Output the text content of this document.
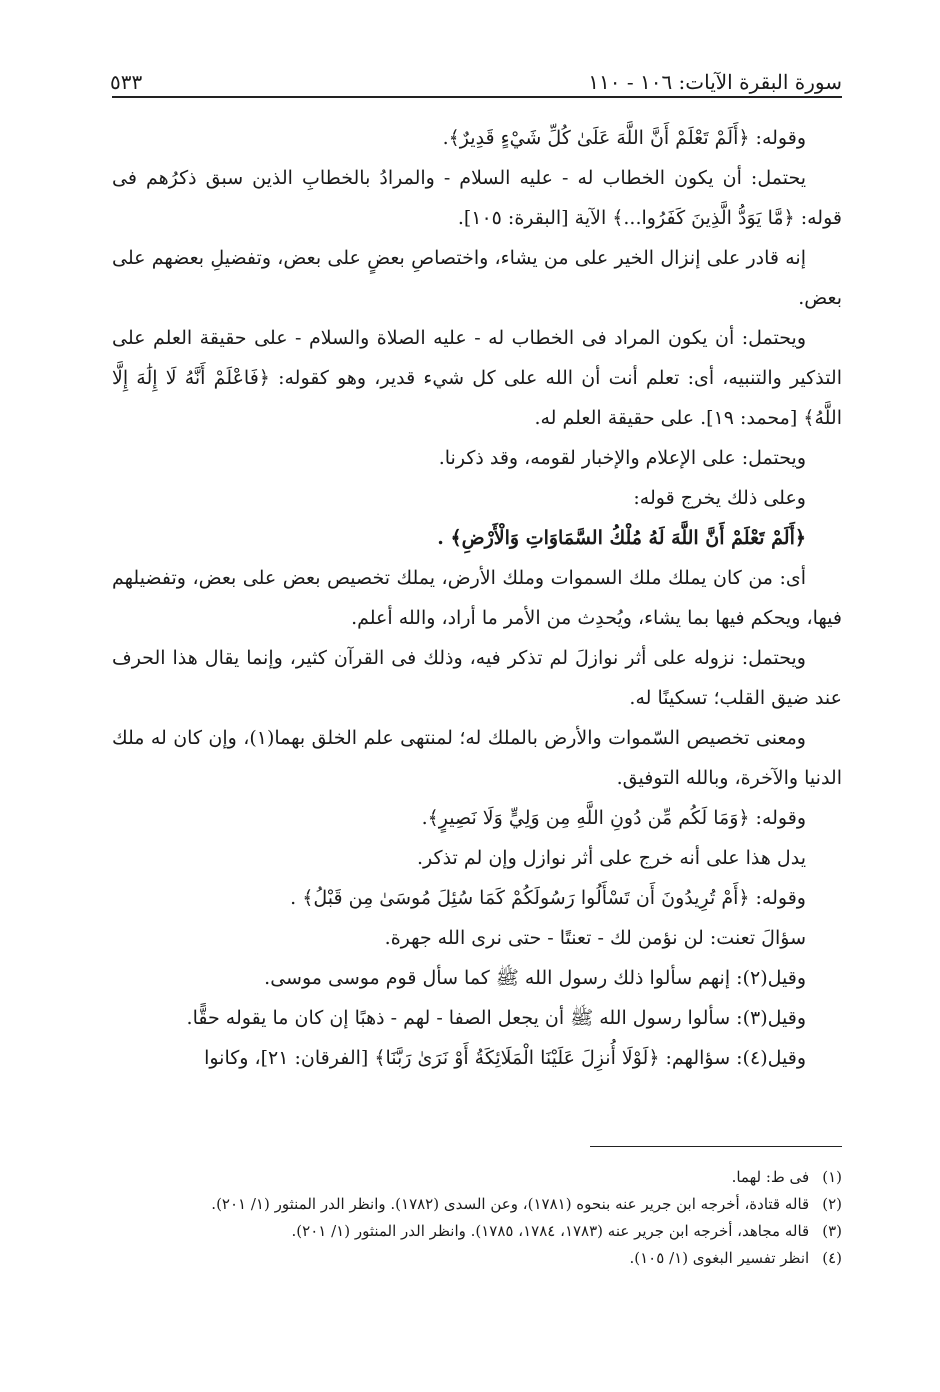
سورة البقرة الآيات: ١٠٦ - ١١٠
٥٣٣

وقوله: ﴿أَلَمْ تَعْلَمْ أَنَّ اللَّهَ عَلَىٰ كُلِّ شَيْءٍ قَدِيرٌ﴾.

يحتمل: أن يكون الخطاب له - عليه السلام - والمرادُ بالخطابِ الذين سبق ذكرُهم فى قوله: ﴿مَّا يَوَدُّ الَّذِينَ كَفَرُوا...﴾ الآية [البقرة: ١٠٥].

إنه قادر على إنزال الخير على من يشاء، واختصاصِ بعضٍ على بعض، وتفضيلِ بعضهم على بعض.

ويحتمل: أن يكون المراد فى الخطاب له - عليه الصلاة والسلام - على حقيقة العلم على التذكير والتنبيه، أى: تعلم أنت أن الله على كل شيء قدير، وهو كقوله: ﴿فَاعْلَمْ أَنَّهُ لَا إِلَٰهَ إِلَّا اللَّهُ﴾ [محمد: ١٩]. على حقيقة العلم له.

ويحتمل: على الإعلام والإخبار لقومه، وقد ذكرنا.

وعلى ذلك يخرج قوله:

﴿أَلَمْ تَعْلَمْ أَنَّ اللَّهَ لَهُ مُلْكُ السَّمَاوَاتِ وَالْأَرْضِ﴾ .

أى: من كان يملك ملك السموات وملك الأرض، يملك تخصيص بعض على بعض، وتفضيلهم فيها، ويحكم فيها بما يشاء، ويُحدِث من الأمر ما أراد، والله أعلم.

ويحتمل: نزوله على أثر نوازلَ لم تذكر فيه، وذلك فى القرآن كثير، وإنما يقال هذا الحرف عند ضيق القلب؛ تسكينًا له.

ومعنى تخصيص السّموات والأرض بالملك له؛ لمنتهى علم الخلق بهما(١)، وإن كان له ملك الدنيا والآخرة، وبالله التوفيق.

وقوله: ﴿وَمَا لَكُم مِّن دُونِ اللَّهِ مِن وَلِيٍّ وَلَا نَصِيرٍ﴾.

يدل هذا على أنه خرج على أثر نوازل وإن لم تذكر.

وقوله: ﴿أَمْ تُرِيدُونَ أَن تَسْأَلُوا رَسُولَكُمْ كَمَا سُئِلَ مُوسَىٰ مِن قَبْلُ﴾ .

سؤالَ تعنت: لن نؤمن لك - تعنتًا - حتى نرى الله جهرة.

وقيل(٢): إنهم سألوا ذلك رسول الله ﷺ كما سأل قوم موسى موسى.

وقيل(٣): سألوا رسول الله ﷺ أن يجعل الصفا - لهم - ذهبًا إن كان ما يقوله حقًّا.

وقيل(٤): سؤالهم: ﴿لَوْلَا أُنزِلَ عَلَيْنَا الْمَلَائِكَةُ أَوْ نَرَىٰ رَبَّنَا﴾ [الفرقان: ٢١]، وكانوا

(١) فى ط: لهما.

(٢) قاله قتادة، أخرجه ابن جرير عنه بنحوه (١٧٨١)، وعن السدى (١٧٨٢). وانظر الدر المنثور (١/ ٢٠١).

(٣) قاله مجاهد، أخرجه ابن جرير عنه (١٧٨٣، ١٧٨٤، ١٧٨٥). وانظر الدر المنثور (١/ ٢٠١).

(٤) انظر تفسير البغوى (١/ ١٠٥).
